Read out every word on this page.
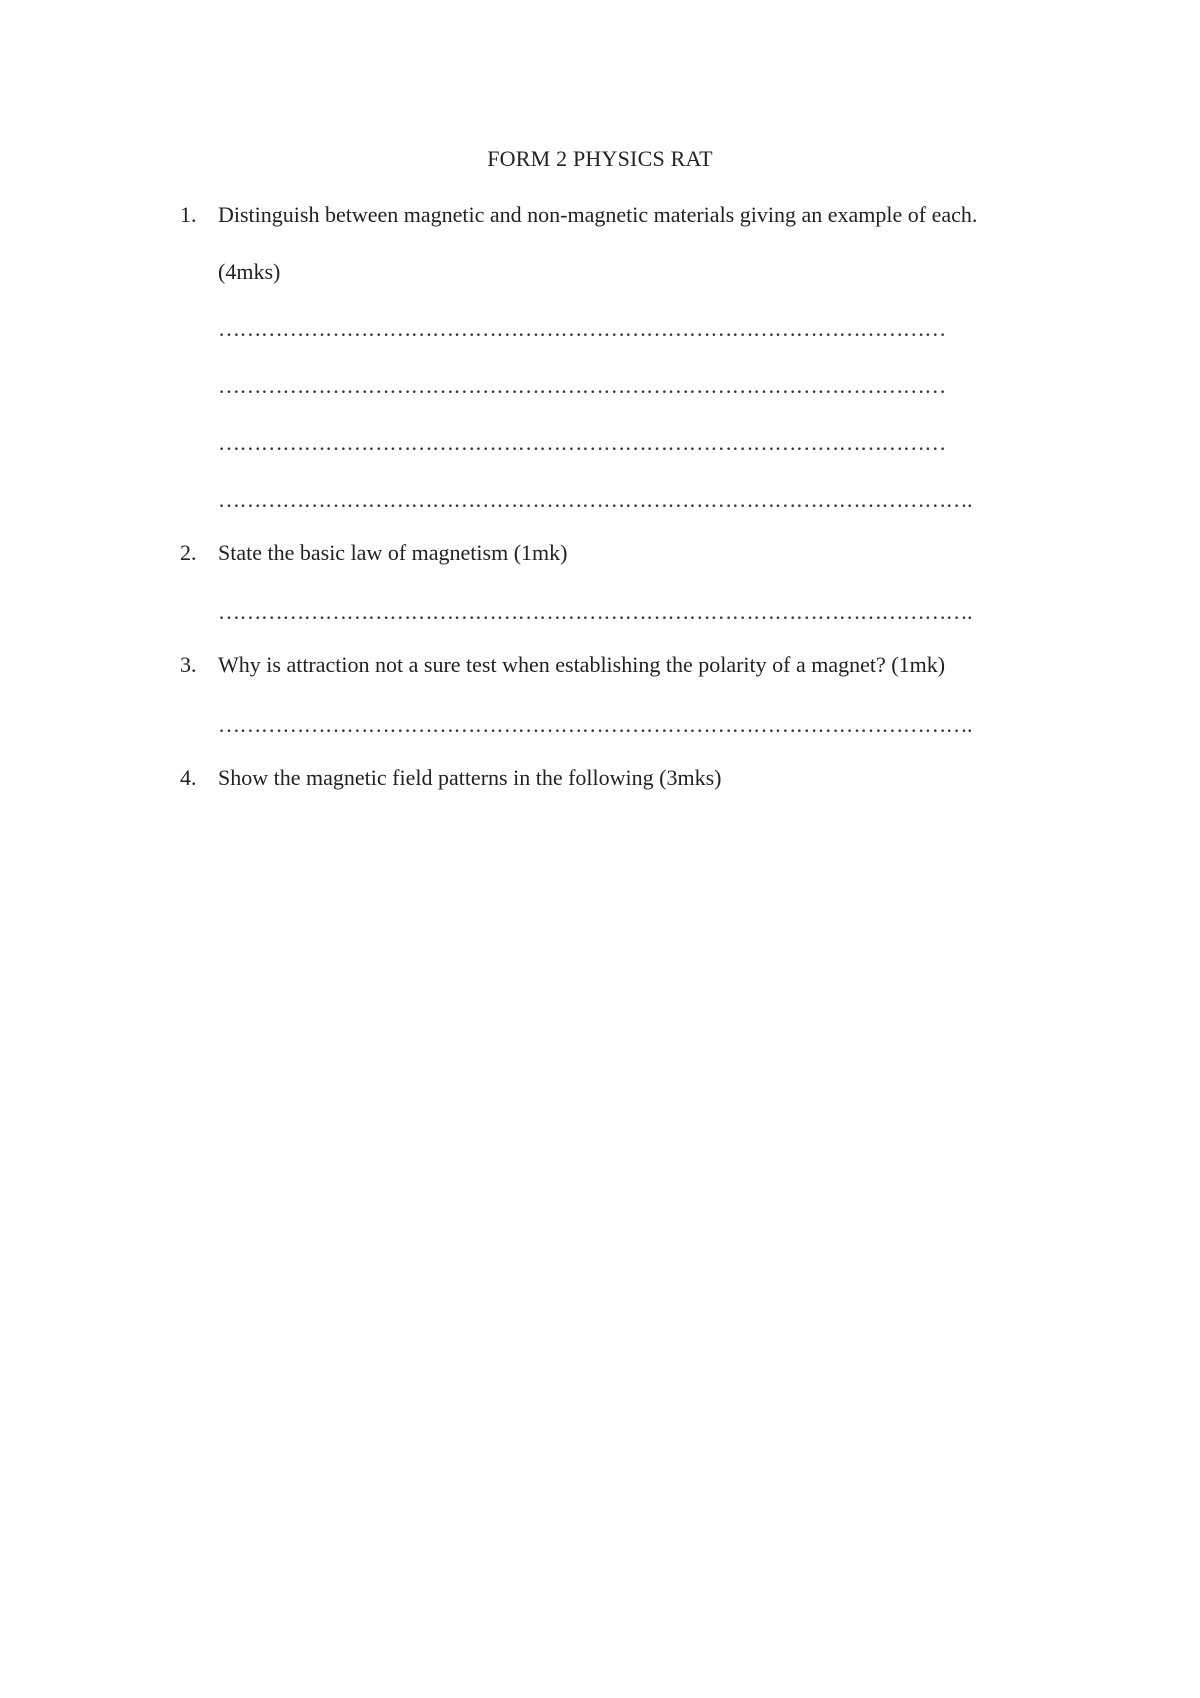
FORM 2 PHYSICS RAT
1. Distinguish between magnetic and non-magnetic materials giving an example of each.
(4mks)
…………………………………………………………………………………………
…………………………………………………………………………………………
…………………………………………………………………………………………
…………………………………………………………………………………………….
2. State the basic law of magnetism (1mk)
…………………………………………………………………………………………….
3. Why is attraction not a sure test when establishing the polarity of a magnet? (1mk)
…………………………………………………………………………………………….
4. Show the magnetic field patterns in the following (3mks)
